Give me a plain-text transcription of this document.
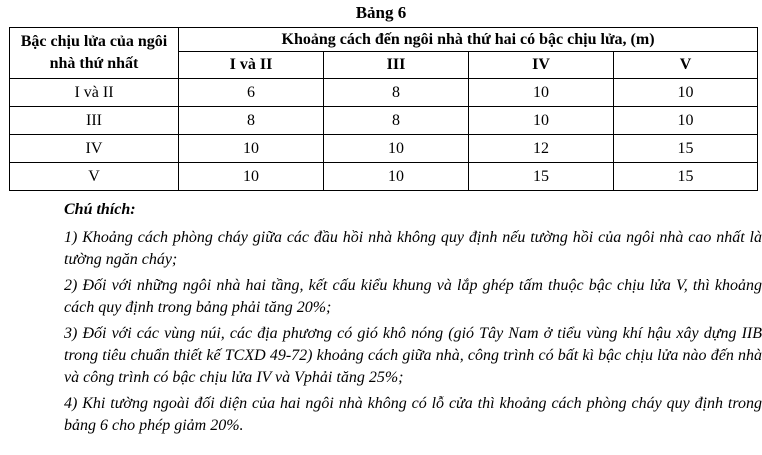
Bảng 6
Bậc chịu lửa của ngôi nhà thứ nhất	Khoảng cách đến ngôi nhà thứ hai có bậc chịu lửa, (m)			
	I và II	III	IV	V
I và II	6	8	10	10
III	8	8	10	10
IV	10	10	12	15
V	10	10	15	15
Chú thích:
1) Khoảng cách phòng cháy giữa các đầu hồi nhà không quy định nếu tường hồi của ngôi nhà cao nhất là tường ngăn cháy;
2) Đối với những ngôi nhà hai tầng, kết cấu kiểu khung và lắp ghép tấm thuộc bậc chịu lửa V, thì khoảng cách quy định trong bảng phải tăng 20%;
3) Đối với các vùng núi, các địa phương có gió khô nóng (gió Tây Nam ở tiểu vùng khí hậu xây dựng IIB trong tiêu chuẩn thiết kế TCXD 49-72) khoảng cách giữa nhà, công trình có bất kì bậc chịu lửa nào đến nhà và công trình có bậc chịu lửa IV và Vphải tăng 25%;
4) Khi tường ngoài đối diện của hai ngôi nhà không có lỗ cửa thì khoảng cách phòng cháy quy định trong bảng 6 cho phép giảm 20%.
